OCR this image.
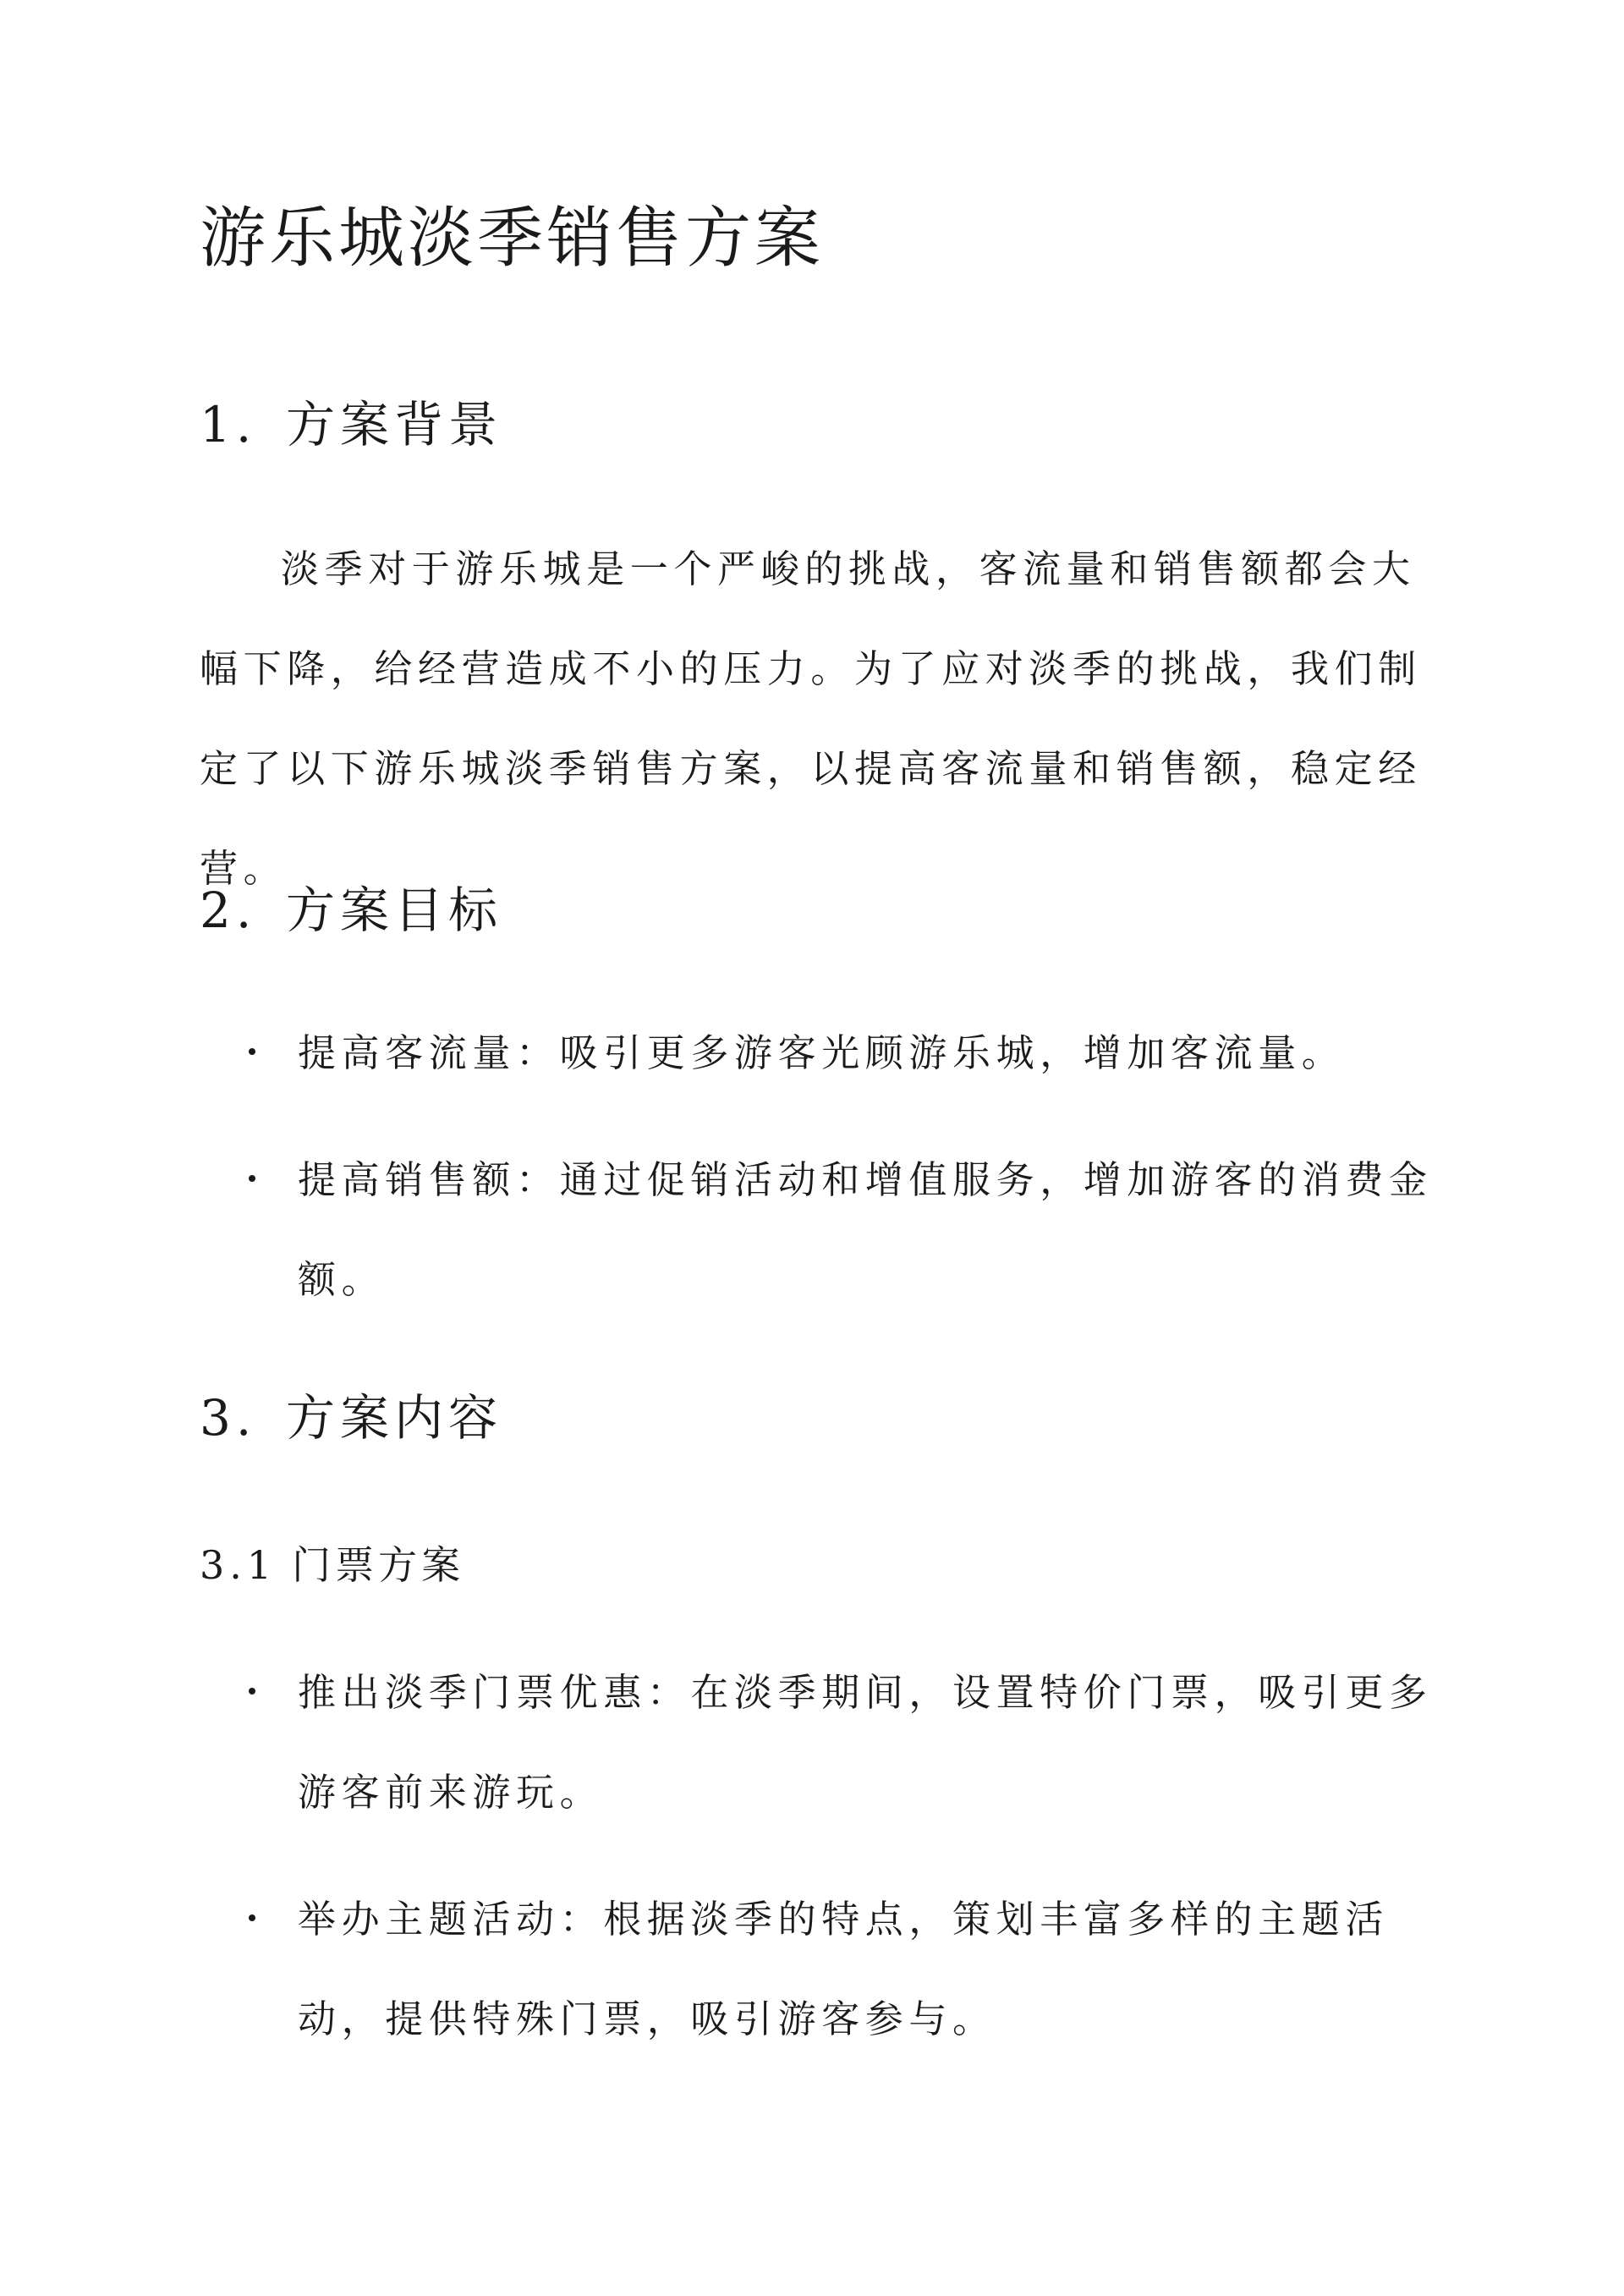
游乐城淡季销售方案
1. 方案背景

淡季对于游乐城是一个严峻的挑战，客流量和销售额都会大幅下降，给经营造成不小的压力。为了应对淡季的挑战，我们制定了以下游乐城淡季销售方案，以提高客流量和销售额，稳定经营。

2. 方案目标
提高客流量：吸引更多游客光顾游乐城，增加客流量。
提高销售额：通过促销活动和增值服务，增加游客的消费金额。
3. 方案内容
3.1 门票方案
推出淡季门票优惠：在淡季期间，设置特价门票，吸引更多游客前来游玩。
举办主题活动：根据淡季的特点，策划丰富多样的主题活动，提供特殊门票，吸引游客参与。
